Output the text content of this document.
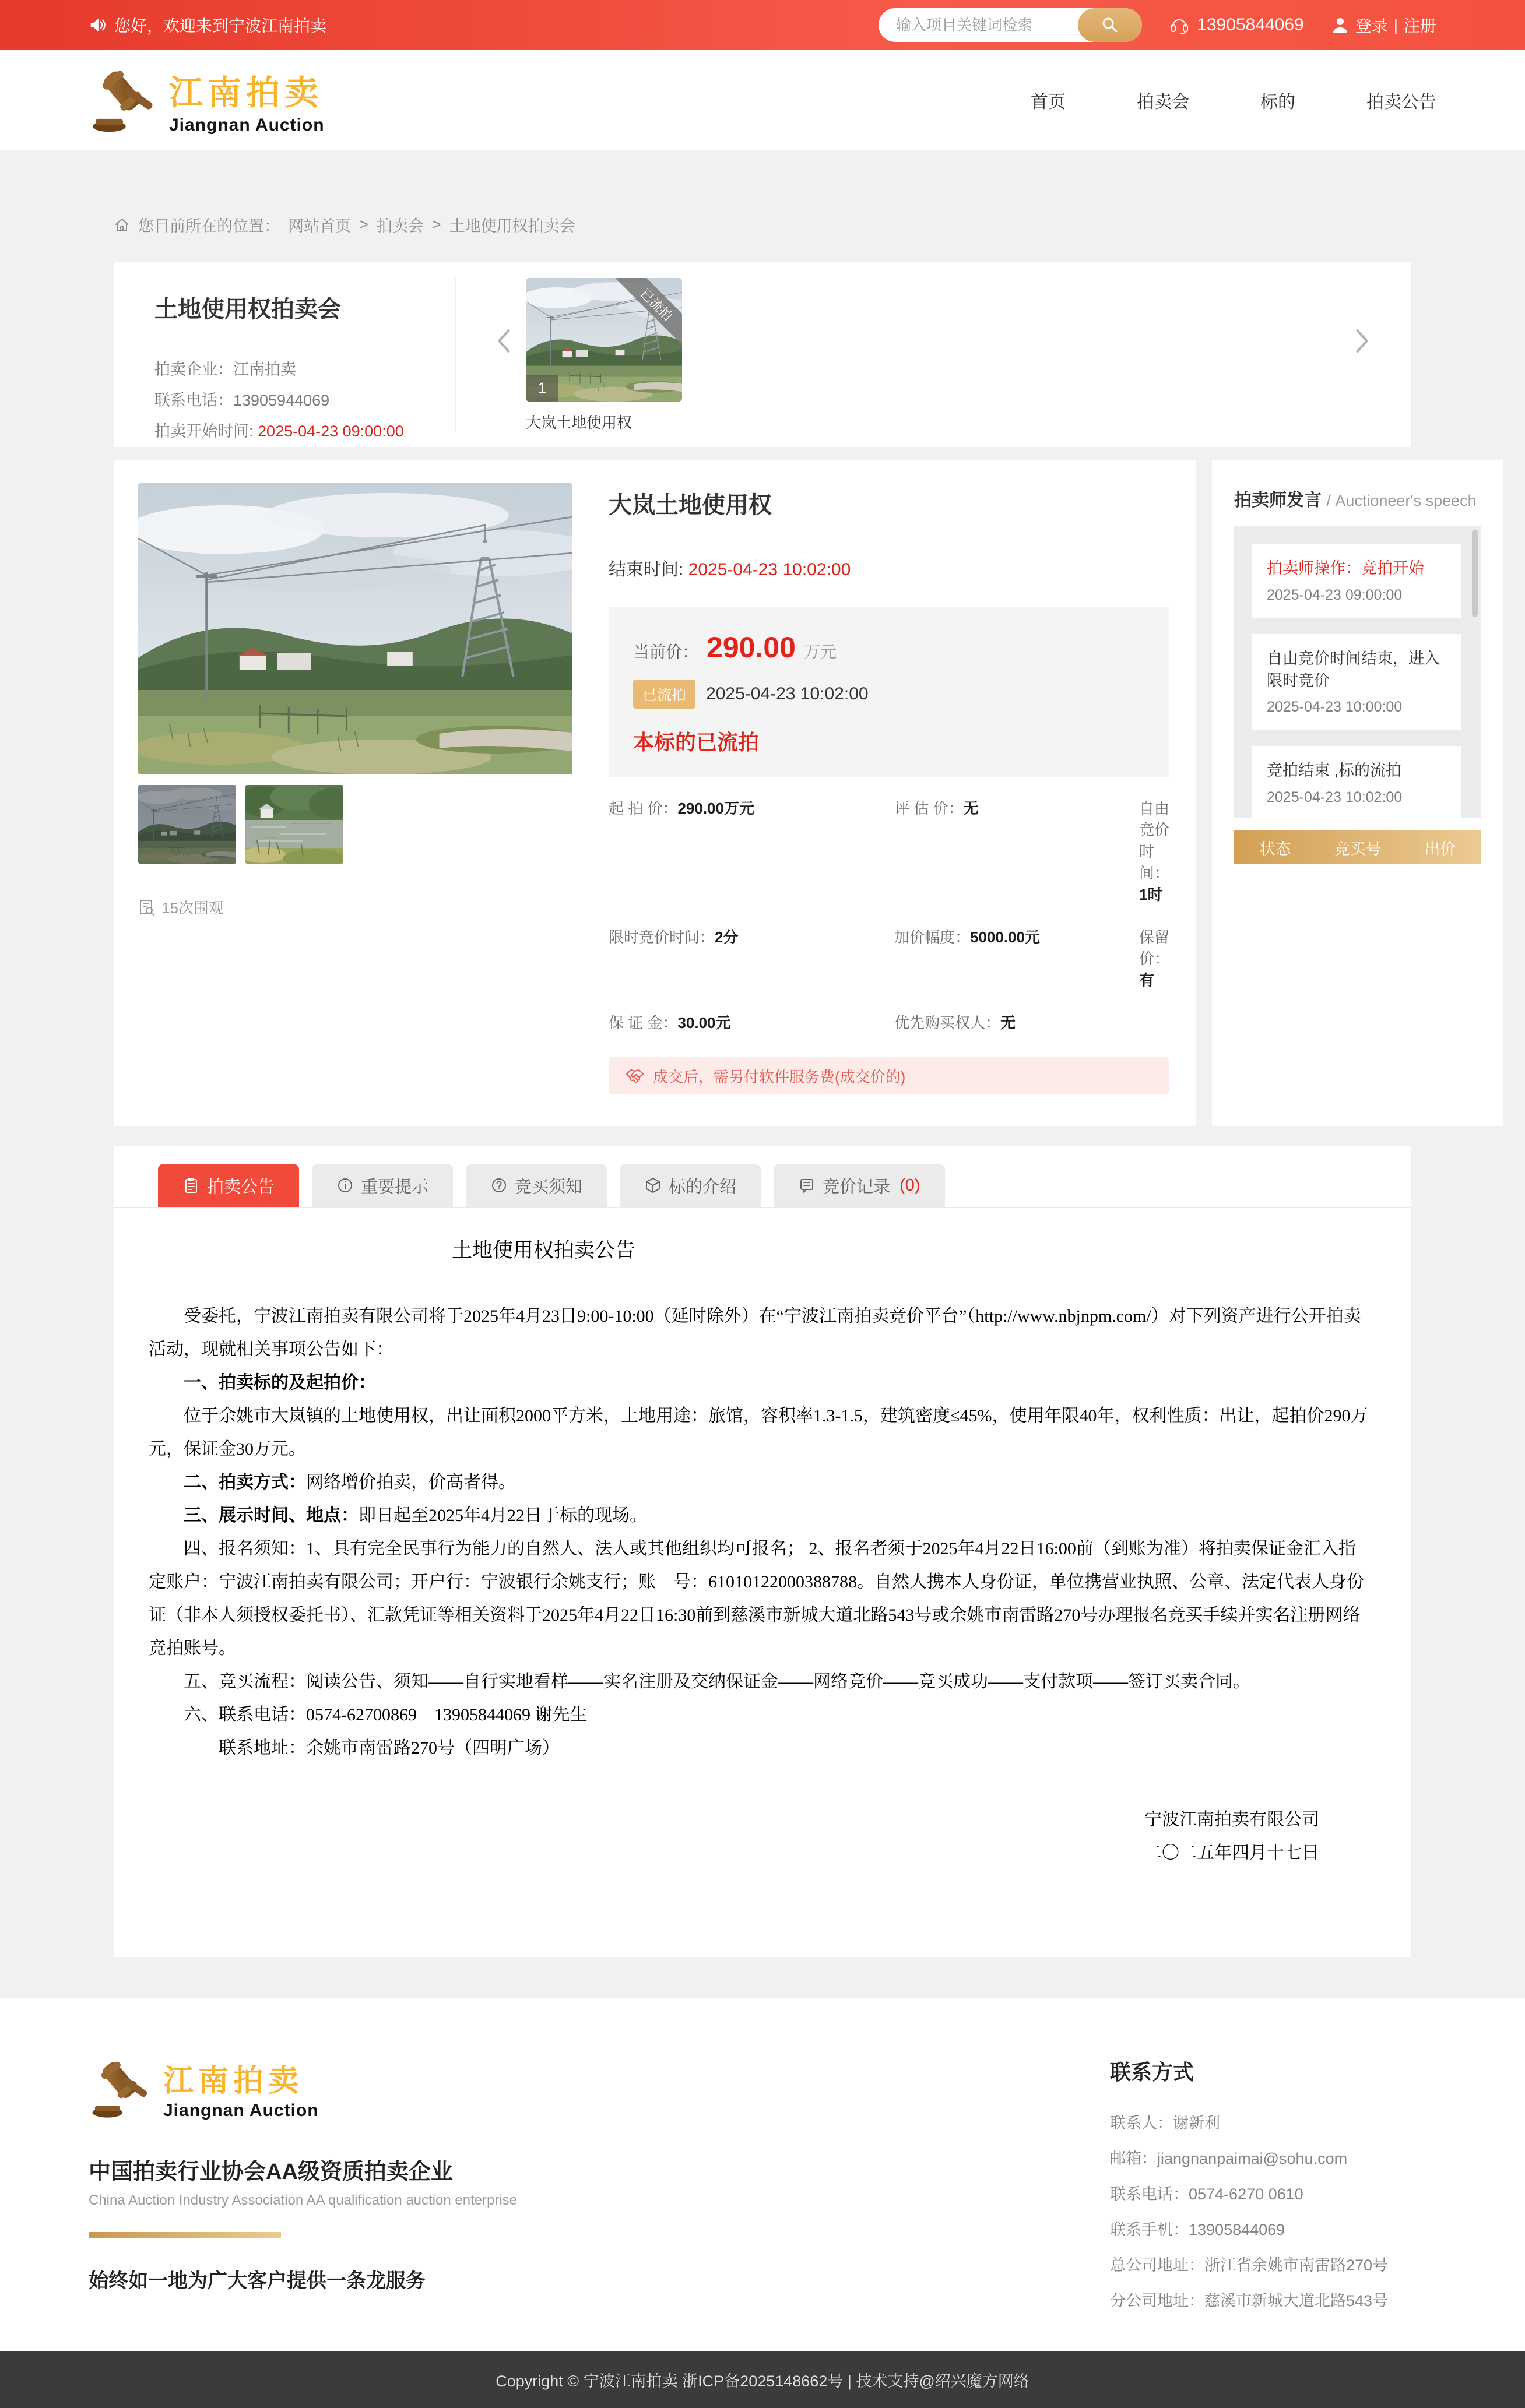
您好，欢迎来到宁波江南拍卖
输入项目关键词检索	13905844069	登录 | 注册
江南拍卖
Jiangnan Auction
首页	拍卖会	标的	拍卖公告
您目前所在的位置： 网站首页 > 拍卖会 > 土地使用权拍卖会
土地使用权拍卖会
拍卖企业：江南拍卖
联系电话：13905944069
拍卖开始时间: 2025-04-23 09:00:00
已流拍
1
大岚土地使用权
15次围观
大岚土地使用权
结束时间: 2025-04-23 10:02:00
当前价： 290.00 万元
已流拍	2025-04-23 10:02:00
本标的已流拍
起 拍 价：290.00万元	评 估 价：无	自由竞价时间：1时
限时竞价时间：2分	加价幅度：5000.00元	保留价：有
保 证 金：30.00元	优先购买权人：无
成交后，需另付软件服务费(成交价的)
拍卖师发言 / Auctioneer's speech
拍卖师操作：竞拍开始
2025-04-23 09:00:00
自由竞价时间结束，进入限时竞价
2025-04-23 10:00:00
竞拍结束 ,标的流拍
2025-04-23 10:02:00
状态	竞买号	出价
拍卖公告	重要提示	竞买须知	标的介绍	竞价记录 (0)
土地使用权拍卖公告

受委托，宁波江南拍卖有限公司将于2025年4月23日9:00-10:00（延时除外）在“宁波江南拍卖竞价平台”（http://www.nbjnpm.com/）对下列资产进行公开拍卖活动，现就相关事项公告如下：

一、拍卖标的及起拍价：

位于余姚市大岚镇的土地使用权，出让面积2000平方米，土地用途：旅馆，容积率1.3-1.5，建筑密度≤45%，使用年限40年，权利性质：出让，起拍价290万元，保证金30万元。

二、拍卖方式：网络增价拍卖，价高者得。

三、展示时间、地点：即日起至2025年4月22日于标的现场。

四、报名须知：1、具有完全民事行为能力的自然人、法人或其他组织均可报名； 2、报名者须于2025年4月22日16:00前（到账为准）将拍卖保证金汇入指定账户：宁波江南拍卖有限公司；开户行：宁波银行余姚支行；账　号：61010122000388788。自然人携本人身份证，单位携营业执照、公章、法定代表人身份证（非本人须授权委托书）、汇款凭证等相关资料于2025年4月22日16:30前到慈溪市新城大道北路543号或余姚市南雷路270号办理报名竞买手续并实名注册网络竞拍账号。

五、竞买流程：阅读公告、须知——自行实地看样——实名注册及交纳保证金——网络竞价——竞买成功——支付款项——签订买卖合同。

六、联系电话：0574-62700869　13905844069 谢先生

联系地址：余姚市南雷路270号（四明广场）

宁波江南拍卖有限公司

二〇二五年四月十七日

江南拍卖
Jiangnan Auction
中国拍卖行业协会AA级资质拍卖企业
China Auction Industry Association AA qualification auction enterprise
始终如一地为广大客户提供一条龙服务
联系方式
联系人：谢新利
邮箱：jiangnanpaimai@sohu.com
联系电话：0574-6270 0610
联系手机：13905844069
总公司地址：浙江省余姚市南雷路270号
分公司地址：慈溪市新城大道北路543号
Copyright © 宁波江南拍卖 浙ICP备2025148662号 | 技术支持@绍兴魔方网络
